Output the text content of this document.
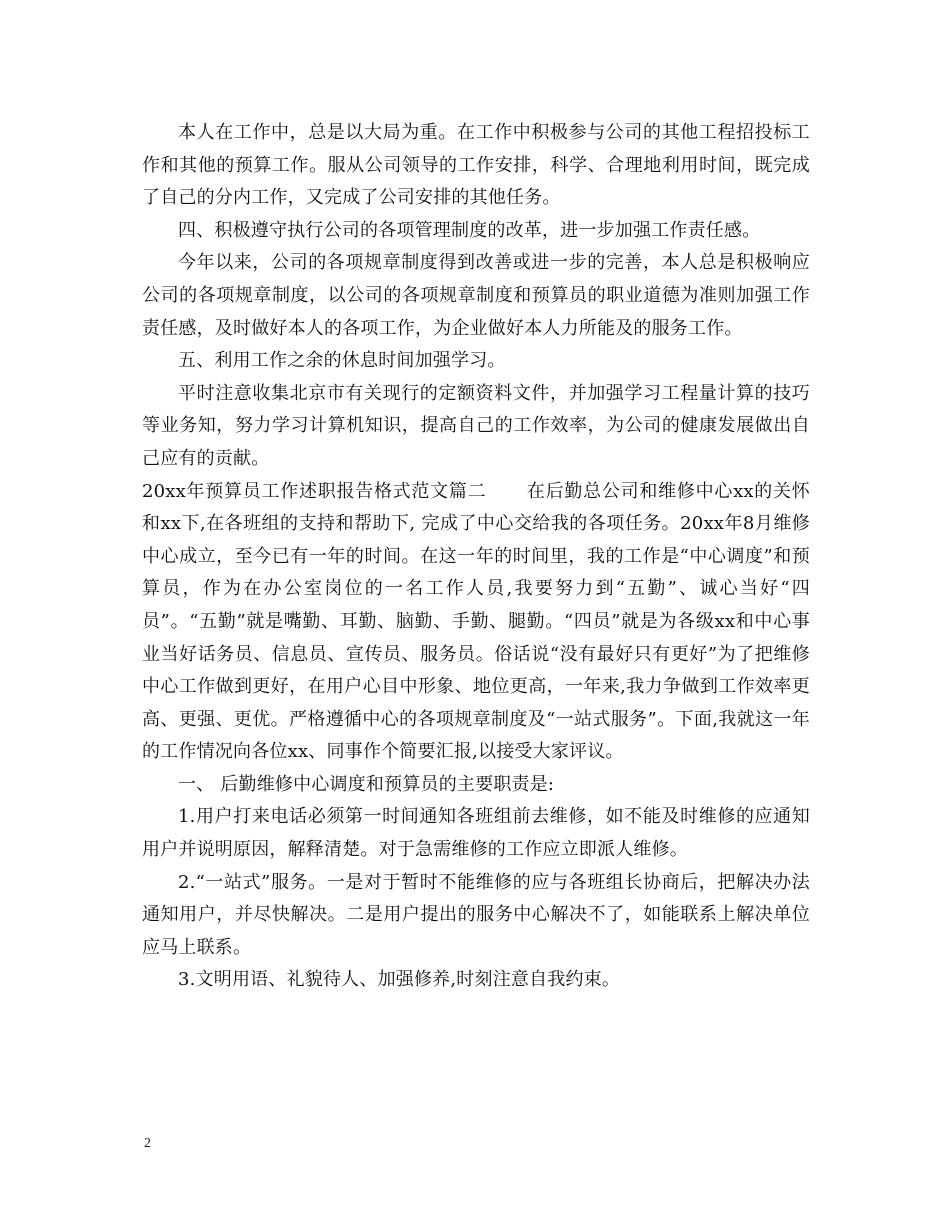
本人在工作中，总是以大局为重。在工作中积极参与公司的其他工程招投标工作和其他的预算工作。服从公司领导的工作安排，科学、合理地利用时间，既完成了自己的分内工作，又完成了公司安排的其他任务。

四、积极遵守执行公司的各项管理制度的改革，进一步加强工作责任感。

今年以来，公司的各项规章制度得到改善或进一步的完善，本人总是积极响应公司的各项规章制度，以公司的各项规章制度和预算员的职业道德为准则加强工作责任感，及时做好本人的各项工作，为企业做好本人力所能及的服务工作。

五、利用工作之余的休息时间加强学习。

平时注意收集北京市有关现行的定额资料文件，并加强学习工程量计算的技巧等业务知，努力学习计算机知识，提高自己的工作效率，为公司的健康发展做出自己应有的贡献。

20xx年预算员工作述职报告格式范文篇二 在后勤总公司和维修中心xx的关怀和xx下,在各班组的支持和帮助下, 完成了中心交给我的各项任务。20xx年8月维修中心成立，至今已有一年的时间。在这一年的时间里，我的工作是“中心调度”和预算员，作为在办公室岗位的一名工作人员,我要努力到“五勤”、诚心当好“四员”。“五勤”就是嘴勤、耳勤、脑勤、手勤、腿勤。“四员”就是为各级xx和中心事业当好话务员、信息员、宣传员、服务员。俗话说“没有最好只有更好”为了把维修中心工作做到更好，在用户心目中形象、地位更高，一年来,我力争做到工作效率更高、更强、更优。严格遵循中心的各项规章制度及“一站式服务”。下面,我就这一年的工作情况向各位xx、同事作个简要汇报,以接受大家评议。

一、 后勤维修中心调度和预算员的主要职责是:

1.用户打来电话必须第一时间通知各班组前去维修，如不能及时维修的应通知用户并说明原因，解释清楚。对于急需维修的工作应立即派人维修。

2.“一站式”服务。一是对于暂时不能维修的应与各班组长协商后，把解决办法通知用户，并尽快解决。二是用户提出的服务中心解决不了，如能联系上解决单位应马上联系。

3.文明用语、礼貌待人、加强修养,时刻注意自我约束。

2
